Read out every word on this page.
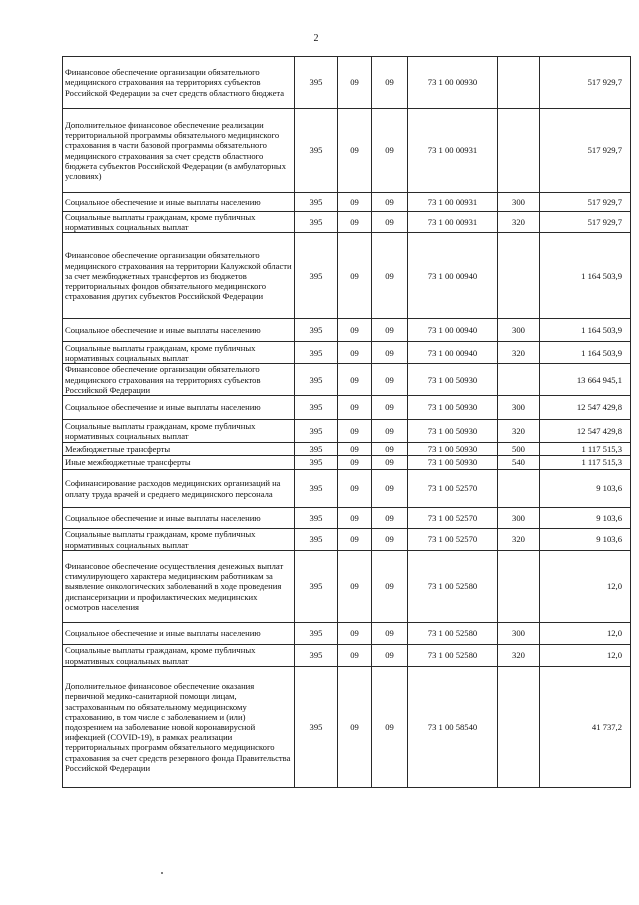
2
Финансовое обеспечение организации обязательного медицинского страхования на территориях субъектов Российской Федерации за счет средств областного бюджета	395	09	09	73 1 00 00930		517 929,7
Дополнительное финансовое обеспечение реализации территориальной программы обязательного медицинского страхования в части базовой программы обязательного медицинского страхования за счет средств областного бюджета субъектов Российской Федерации (в амбулаторных условиях)	395	09	09	73 1 00 00931		517 929,7
Социальное обеспечение и иные выплаты населению	395	09	09	73 1 00 00931	300	517 929,7
Социальные выплаты гражданам, кроме публичных нормативных социальных выплат	395	09	09	73 1 00 00931	320	517 929,7
Финансовое обеспечение организации обязательного медицинского страхования на территории Калужской области за счет межбюджетных трансфертов из бюджетов территориальных фондов обязательного медицинского страхования других субъектов Российской Федерации	395	09	09	73 1 00 00940		1 164 503,9
Социальное обеспечение и иные выплаты населению	395	09	09	73 1 00 00940	300	1 164 503,9
Социальные выплаты гражданам, кроме публичных нормативных социальных выплат	395	09	09	73 1 00 00940	320	1 164 503,9
Финансовое обеспечение организации обязательного медицинского страхования на территориях субъектов Российской Федерации	395	09	09	73 1 00 50930		13 664 945,1
Социальное обеспечение и иные выплаты населению	395	09	09	73 1 00 50930	300	12 547 429,8
Социальные выплаты гражданам, кроме публичных нормативных социальных выплат	395	09	09	73 1 00 50930	320	12 547 429,8
Межбюджетные трансферты	395	09	09	73 1 00 50930	500	1 117 515,3
Иные межбюджетные трансферты	395	09	09	73 1 00 50930	540	1 117 515,3
Софинансирование расходов медицинских организаций на оплату труда врачей и среднего медицинского персонала	395	09	09	73 1 00 52570		9 103,6
Социальное обеспечение и иные выплаты населению	395	09	09	73 1 00 52570	300	9 103,6
Социальные выплаты гражданам, кроме публичных нормативных социальных выплат	395	09	09	73 1 00 52570	320	9 103,6
Финансовое обеспечение осуществления денежных выплат стимулирующего характера медицинским работникам за выявление онкологических заболеваний в ходе проведения диспансеризации и профилактических медицинских осмотров населения	395	09	09	73 1 00 52580		12,0
Социальное обеспечение и иные выплаты населению	395	09	09	73 1 00 52580	300	12,0
Социальные выплаты гражданам, кроме публичных нормативных социальных выплат	395	09	09	73 1 00 52580	320	12,0
Дополнительное финансовое обеспечение оказания первичной медико-санитарной помощи лицам, застрахованным по обязательному медицинскому страхованию, в том числе с заболеванием и (или) подозрением на заболевание новой коронавирусной инфекцией (COVID-19), в рамках реализации территориальных программ обязательного медицинского страхования за счет средств резервного фонда Правительства Российской Федерации	395	09	09	73 1 00 58540		41 737,2
